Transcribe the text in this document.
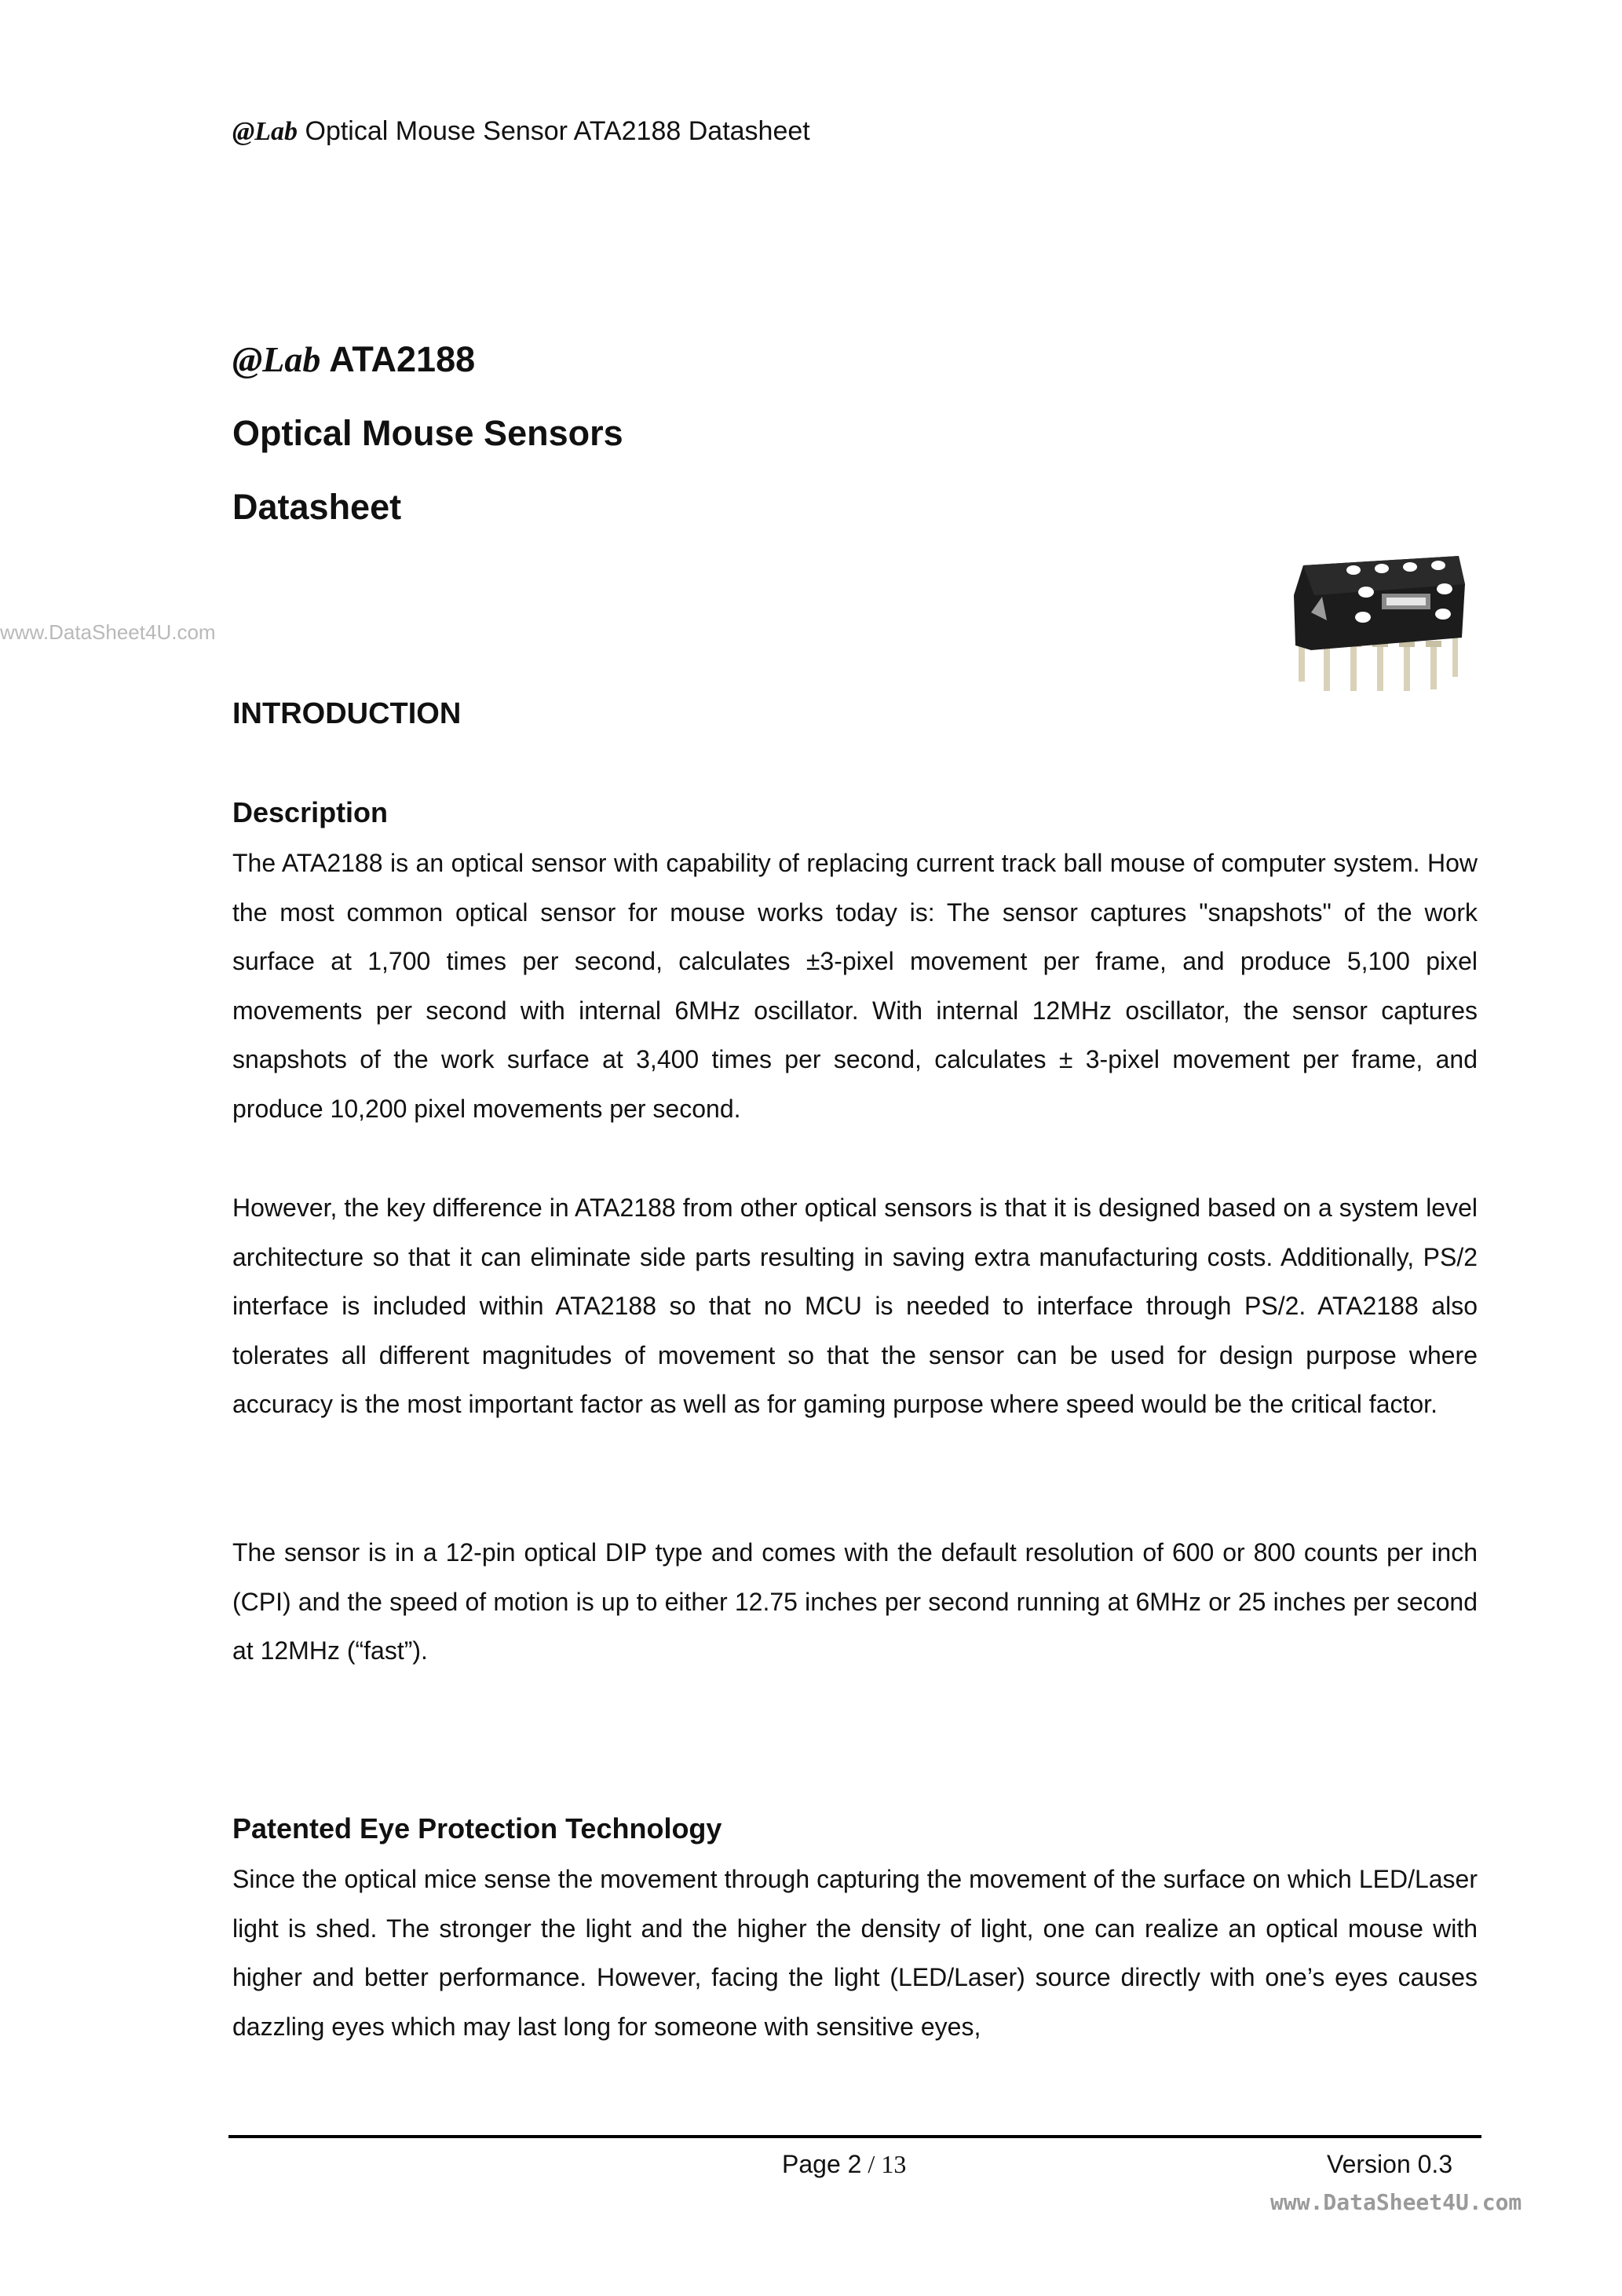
@Lab Optical Mouse Sensor ATA2188 Datasheet
@Lab ATA2188
Optical Mouse Sensors
Datasheet
www.DataSheet4U.com
INTRODUCTION
Description
The ATA2188 is an optical sensor with capability of replacing current track ball mouse of computer system. How the most common optical sensor for mouse works today is: The sensor captures "snapshots" of the work surface at 1,700 times per second, calculates ±3-pixel movement per frame, and produce 5,100 pixel movements per second with internal 6MHz oscillator. With internal 12MHz oscillator, the sensor captures snapshots of the work surface at 3,400 times per second, calculates ± 3-pixel movement per frame, and produce 10,200 pixel movements per second.
However, the key difference in ATA2188 from other optical sensors is that it is designed based on a system level architecture so that it can eliminate side parts resulting in saving extra manufacturing costs. Additionally, PS/2 interface is included within ATA2188 so that no MCU is needed to interface through PS/2. ATA2188 also tolerates all different magnitudes of movement so that the sensor can be used for design purpose where accuracy is the most important factor as well as for gaming purpose where speed would be the critical factor.
The sensor is in a 12-pin optical DIP type and comes with the default resolution of 600 or 800 counts per inch (CPI) and the speed of motion is up to either 12.75 inches per second running at 6MHz or 25 inches per second at 12MHz (“fast”).
Patented Eye Protection Technology
Since the optical mice sense the movement through capturing the movement of the surface on which LED/Laser light is shed. The stronger the light and the higher the density of light, one can realize an optical mouse with higher and better performance. However, facing the light (LED/Laser) source directly with one’s eyes causes dazzling eyes which may last long for someone with sensitive eyes,
Page 2 / 13	Version 0.3
www.DataSheet4U.com
